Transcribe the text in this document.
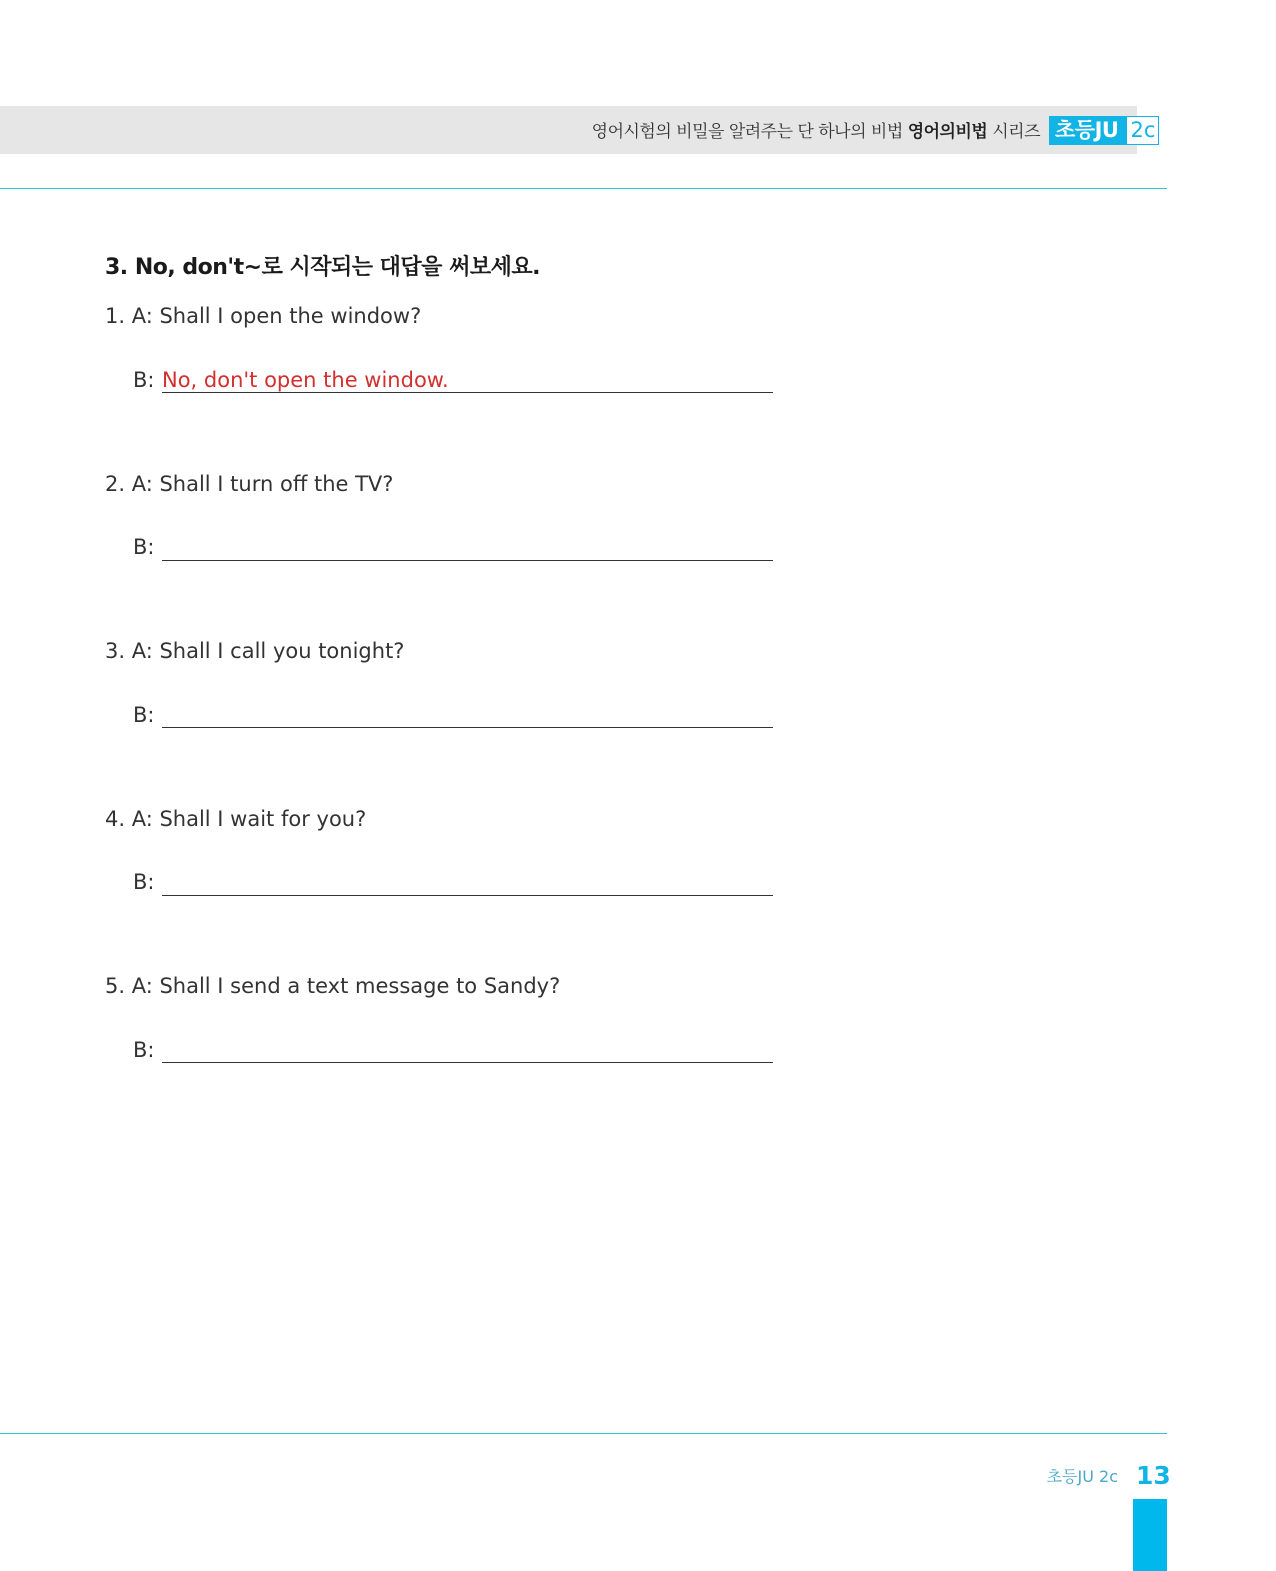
영어시험의 비밀을 알려주는 단 하나의 비법 영어의비법 시리즈 초등JU 2c
3. No, don't~로 시작되는 대답을 써보세요.
1. A: Shall I open the window?
B: No, don't open the window.
2. A: Shall I turn off the TV?
B:
3. A: Shall I call you tonight?
B:
4. A: Shall I wait for you?
B:
5. A: Shall I send a text message to Sandy?
B:
초등JU 2c 13
